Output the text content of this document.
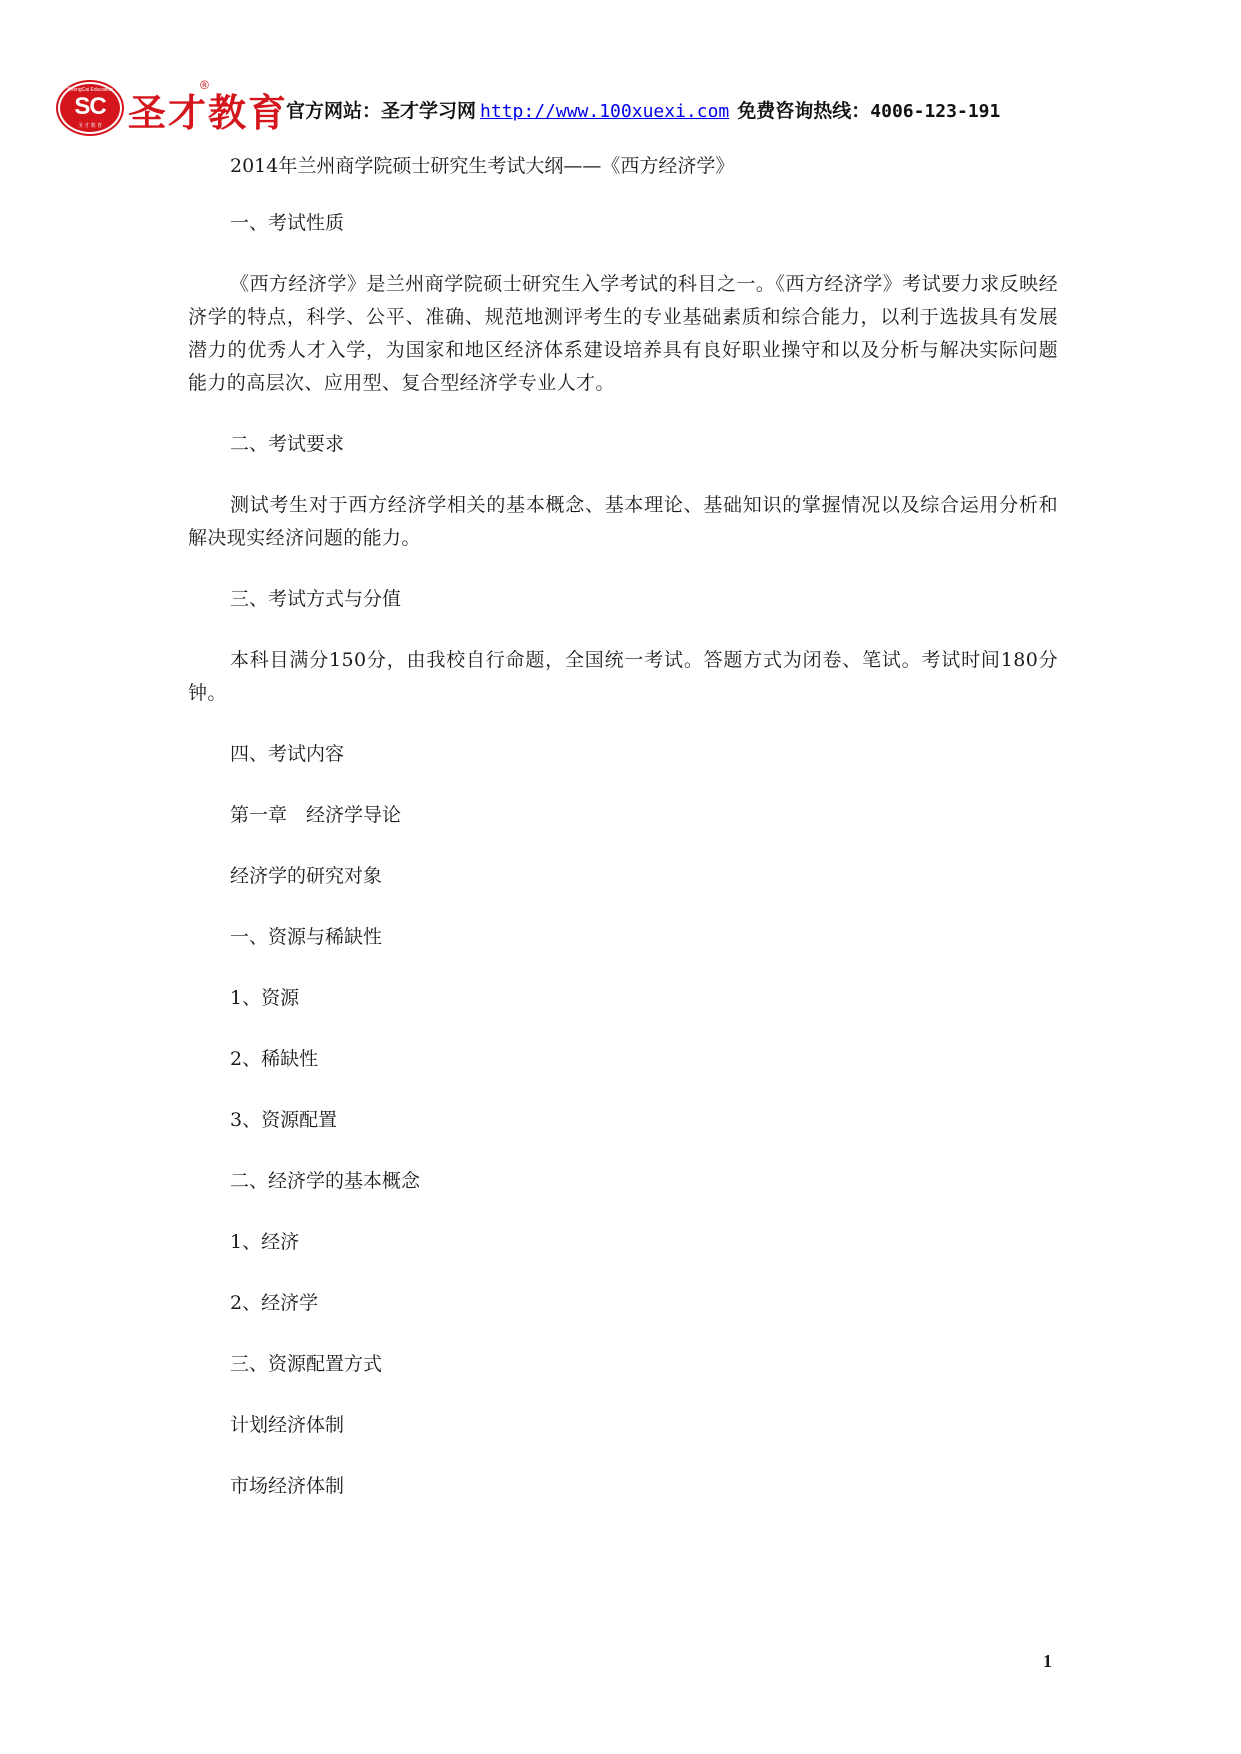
ShengCai Education
SC
圣 才 教 育 圣才教育
®
官方网站：圣才学习网 http://www.100xuexi.com 免费咨询热线：4006-123-191

2014年兰州商学院硕士研究生考试大纲——《西方经济学》

一、考试性质

《西方经济学》是兰州商学院硕士研究生入学考试的科目之一。《西方经济学》考试要力求反映经济学的特点，科学、公平、准确、规范地测评考生的专业基础素质和综合能力，以利于选拔具有发展潜力的优秀人才入学，为国家和地区经济体系建设培养具有良好职业操守和以及分析与解决实际问题能力的高层次、应用型、复合型经济学专业人才。

二、考试要求

测试考生对于西方经济学相关的基本概念、基本理论、基础知识的掌握情况以及综合运用分析和解决现实经济问题的能力。

三、考试方式与分值

本科目满分150分，由我校自行命题，全国统一考试。答题方式为闭卷、笔试。考试时间180分钟。

四、考试内容

第一章　经济学导论

经济学的研究对象

一、资源与稀缺性

1、资源

2、稀缺性

3、资源配置

二、经济学的基本概念

1、经济

2、经济学

三、资源配置方式

计划经济体制

市场经济体制

1
